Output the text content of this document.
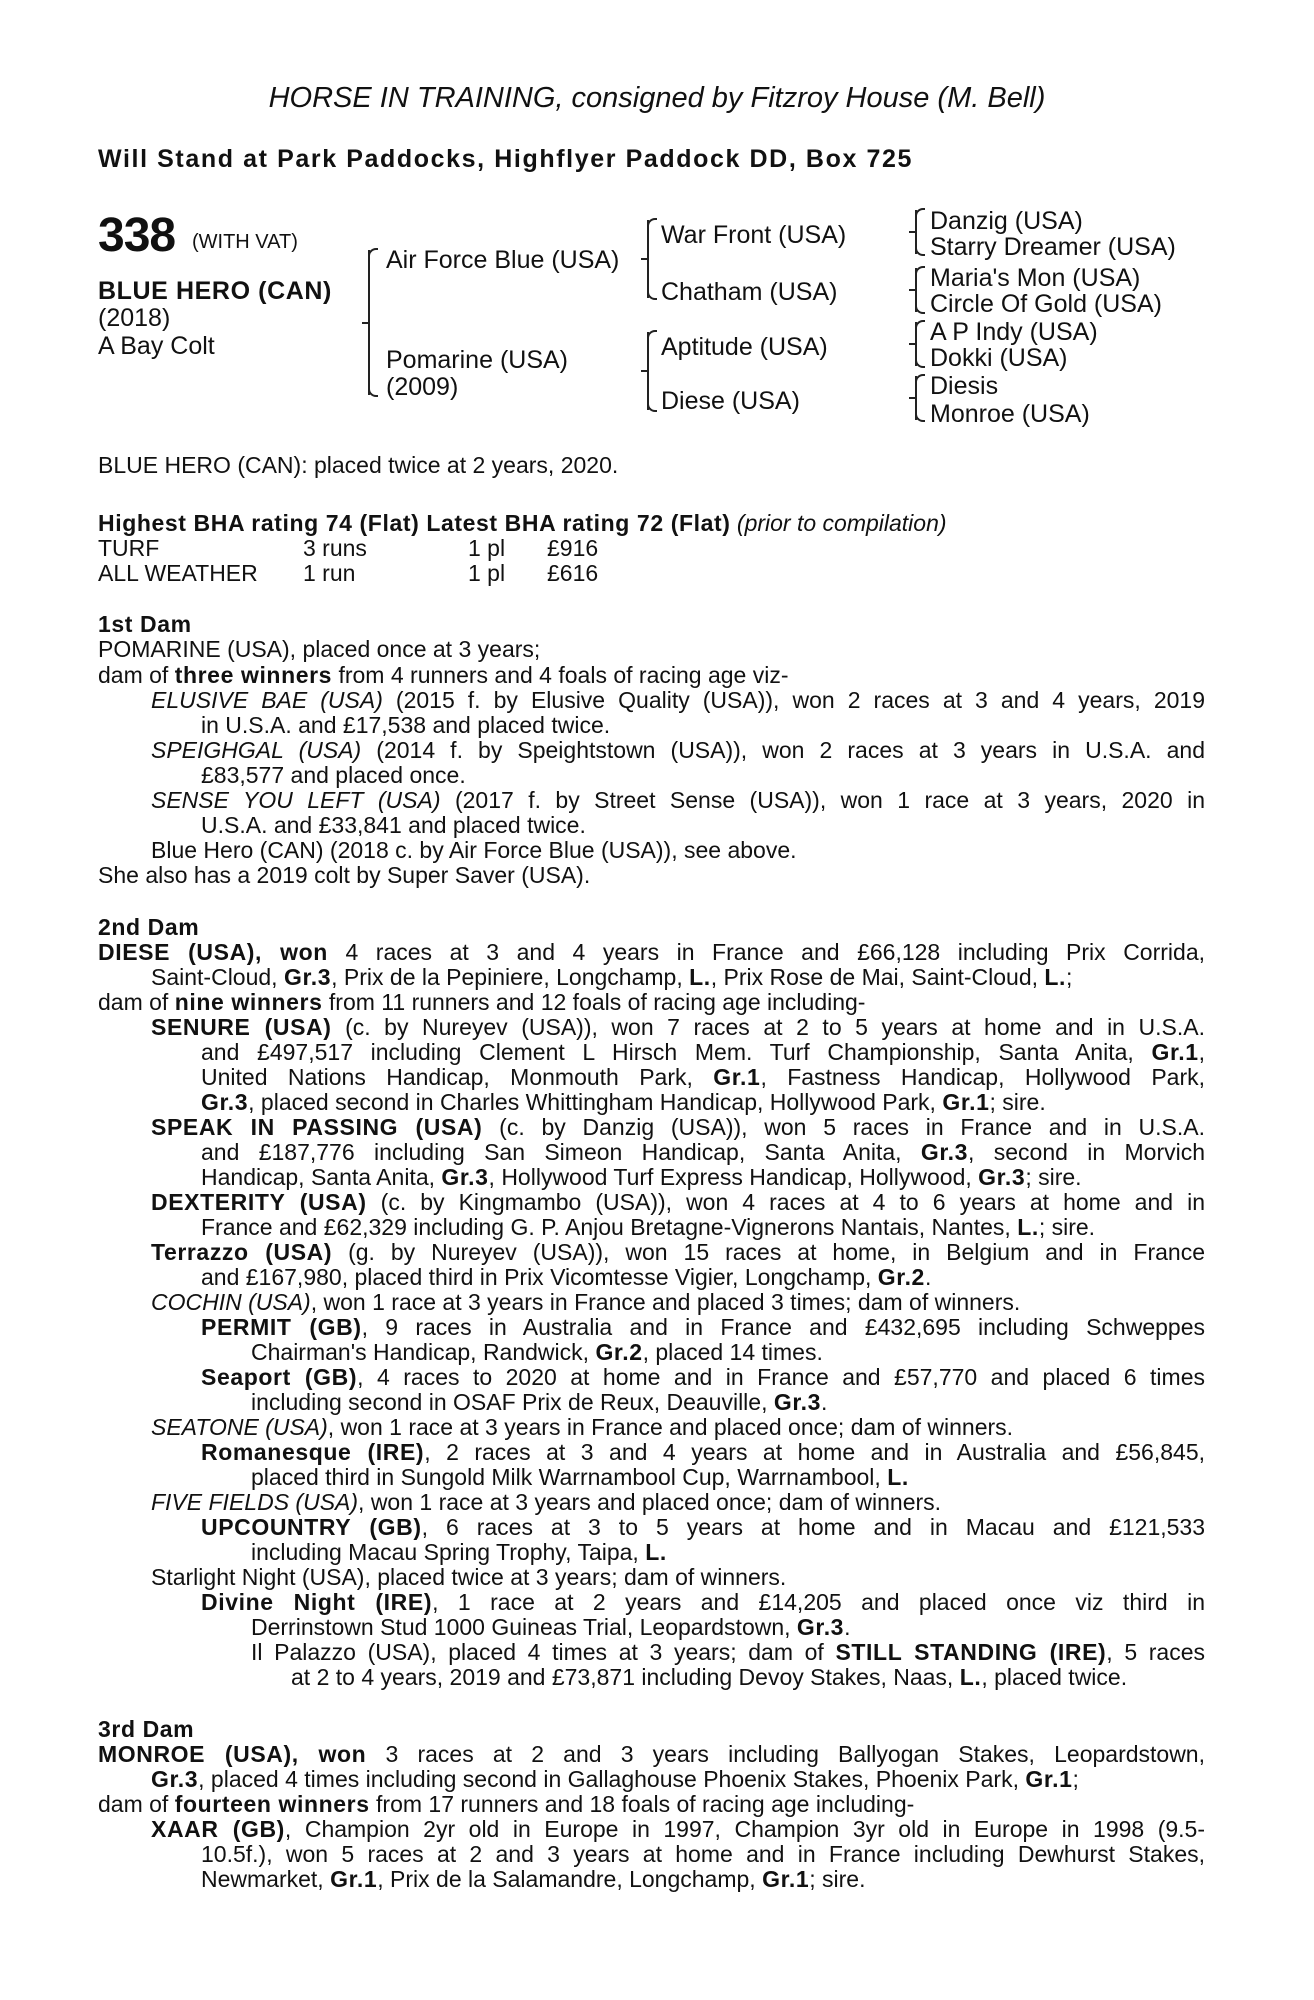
HORSE IN TRAINING, consigned by Fitzroy House (M. Bell)
Will Stand at Park Paddocks, Highflyer Paddock DD, Box 725
338 (WITH VAT)
BLUE HERO (CAN)
(2018)
A Bay Colt
Air Force Blue (USA)
Pomarine (USA)
(2009)
War Front (USA)
Chatham (USA)
Aptitude (USA)
Diese (USA)
Danzig (USA)
Starry Dreamer (USA)
Maria's Mon (USA)
Circle Of Gold (USA)
A P Indy (USA)
Dokki (USA)
Diesis
Monroe (USA)
BLUE HERO (CAN): placed twice at 2 years, 2020.
Highest BHA rating 74 (Flat) Latest BHA rating 72 (Flat) (prior to compilation)
TURF	3 runs	1 pl £916
ALL WEATHER 1 run	1 pl £616
1st Dam
POMARINE (USA), placed once at 3 years;
dam of three winners from 4 runners and 4 foals of racing age viz-
ELUSIVE BAE (USA) (2015 f. by Elusive Quality (USA)), won 2 races at 3 and 4 years, 2019
in U.S.A. and £17,538 and placed twice.
SPEIGHGAL (USA) (2014 f. by Speightstown (USA)), won 2 races at 3 years in U.S.A. and
£83,577 and placed once.
SENSE YOU LEFT (USA) (2017 f. by Street Sense (USA)), won 1 race at 3 years, 2020 in
U.S.A. and £33,841 and placed twice.
Blue Hero (CAN) (2018 c. by Air Force Blue (USA)), see above.
She also has a 2019 colt by Super Saver (USA).
2nd Dam
DIESE (USA), won 4 races at 3 and 4 years in France and £66,128 including Prix Corrida,
Saint-Cloud, Gr.3, Prix de la Pepiniere, Longchamp, L., Prix Rose de Mai, Saint-Cloud, L.;
dam of nine winners from 11 runners and 12 foals of racing age including-
SENURE (USA) (c. by Nureyev (USA)), won 7 races at 2 to 5 years at home and in U.S.A.
and £497,517 including Clement L Hirsch Mem. Turf Championship, Santa Anita, Gr.1,
United Nations Handicap, Monmouth Park, Gr.1, Fastness Handicap, Hollywood Park,
Gr.3, placed second in Charles Whittingham Handicap, Hollywood Park, Gr.1; sire.
SPEAK IN PASSING (USA) (c. by Danzig (USA)), won 5 races in France and in U.S.A.
and £187,776 including San Simeon Handicap, Santa Anita, Gr.3, second in Morvich
Handicap, Santa Anita, Gr.3, Hollywood Turf Express Handicap, Hollywood, Gr.3; sire.
DEXTERITY (USA) (c. by Kingmambo (USA)), won 4 races at 4 to 6 years at home and in
France and £62,329 including G. P. Anjou Bretagne-Vignerons Nantais, Nantes, L.; sire.
Terrazzo (USA) (g. by Nureyev (USA)), won 15 races at home, in Belgium and in France
and £167,980, placed third in Prix Vicomtesse Vigier, Longchamp, Gr.2.
COCHIN (USA), won 1 race at 3 years in France and placed 3 times; dam of winners.
PERMIT (GB), 9 races in Australia and in France and £432,695 including Schweppes
Chairman's Handicap, Randwick, Gr.2, placed 14 times.
Seaport (GB), 4 races to 2020 at home and in France and £57,770 and placed 6 times
including second in OSAF Prix de Reux, Deauville, Gr.3.
SEATONE (USA), won 1 race at 3 years in France and placed once; dam of winners.
Romanesque (IRE), 2 races at 3 and 4 years at home and in Australia and £56,845,
placed third in Sungold Milk Warrnambool Cup, Warrnambool, L.
FIVE FIELDS (USA), won 1 race at 3 years and placed once; dam of winners.
UPCOUNTRY (GB), 6 races at 3 to 5 years at home and in Macau and £121,533
including Macau Spring Trophy, Taipa, L.
Starlight Night (USA), placed twice at 3 years; dam of winners.
Divine Night (IRE), 1 race at 2 years and £14,205 and placed once viz third in
Derrinstown Stud 1000 Guineas Trial, Leopardstown, Gr.3.
Il Palazzo (USA), placed 4 times at 3 years; dam of STILL STANDING (IRE), 5 races
at 2 to 4 years, 2019 and £73,871 including Devoy Stakes, Naas, L., placed twice.
3rd Dam
MONROE (USA), won 3 races at 2 and 3 years including Ballyogan Stakes, Leopardstown,
Gr.3, placed 4 times including second in Gallaghouse Phoenix Stakes, Phoenix Park, Gr.1;
dam of fourteen winners from 17 runners and 18 foals of racing age including-
XAAR (GB), Champion 2yr old in Europe in 1997, Champion 3yr old in Europe in 1998 (9.5-
10.5f.), won 5 races at 2 and 3 years at home and in France including Dewhurst Stakes,
Newmarket, Gr.1, Prix de la Salamandre, Longchamp, Gr.1; sire.
